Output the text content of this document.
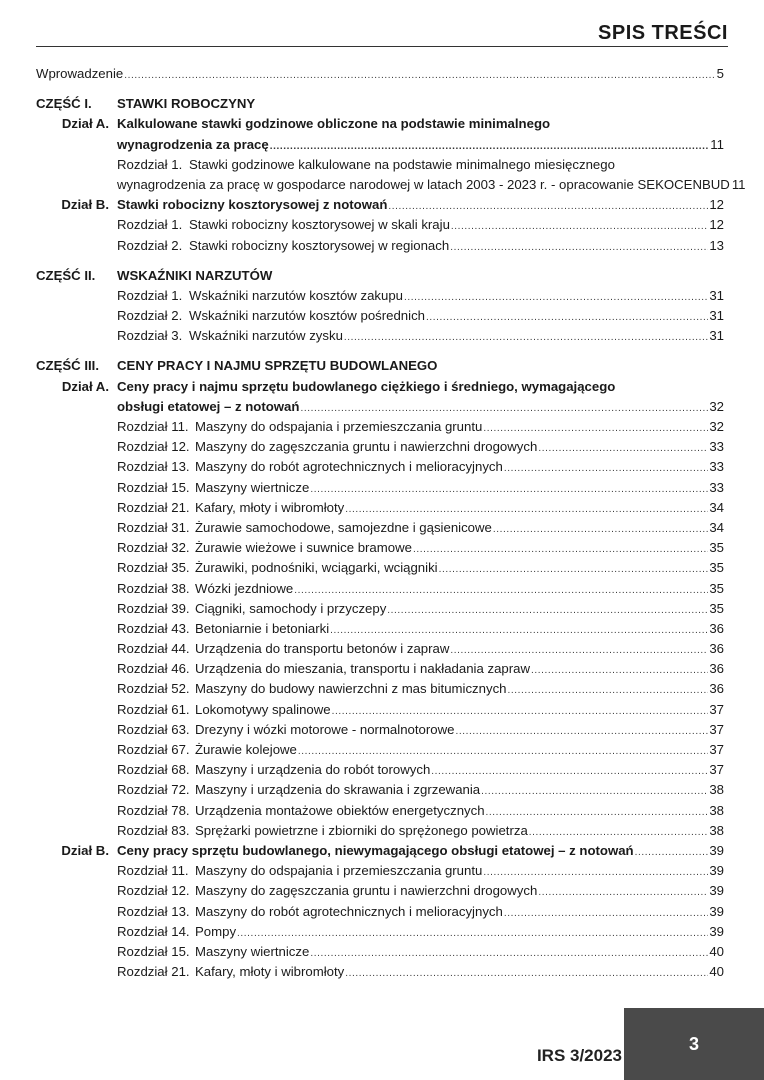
SPIS TREŚCI
Wprowadzenie .....	5
CZĘŚĆ I. STAWKI ROBOCZYNY
Dział A. Kalkulowane stawki godzinowe obliczone na podstawie minimalnego
wynagrodzenia za pracę .....	11
Rozdział 1. Stawki godzinowe kalkulowane na podstawie minimalnego miesięcznego
wynagrodzenia za pracę w gospodarce narodowej w latach 2003 - 2023 r. - opracowanie SEKOCENBUD 11
Dział B. Stawki robocizny kosztorysowej z notowań .....	12
Rozdział 1. Stawki robocizny kosztorysowej w skali kraju .....	12
Rozdział 2. Stawki robocizny kosztorysowej w regionach .....	13
CZĘŚĆ II. WSKAŹNIKI NARZUTÓW
Rozdział 1. Wskaźniki narzutów kosztów zakupu .....	31
Rozdział 2. Wskaźniki narzutów kosztów pośrednich .....	31
Rozdział 3. Wskaźniki narzutów zysku .....	31
CZĘŚĆ III. CENY PRACY I NAJMU SPRZĘTU BUDOWLANEGO
Dział A. Ceny pracy i najmu sprzętu budowlanego ciężkiego i średniego, wymagającego
obsługi etatowej – z notowań .....	32
Rozdział 11. Maszyny do odspajania i przemieszczania gruntu .....	32
Rozdział 12. Maszyny do zagęszczania gruntu i nawierzchni drogowych .....	33
Rozdział 13. Maszyny do robót agrotechnicznych i melioracyjnych .....	33
Rozdział 15. Maszyny wiertnicze .....	33
Rozdział 21. Kafary, młoty i wibromłoty .....	34
Rozdział 31. Żurawie samochodowe, samojezdne i gąsienicowe .....	34
Rozdział 32. Żurawie wieżowe i suwnice bramowe .....	35
Rozdział 35. Żurawiki, podnośniki, wciągarki, wciągniki .....	35
Rozdział 38. Wózki jezdniowe .....	35
Rozdział 39. Ciągniki, samochody i przyczepy .....	35
Rozdział 43. Betoniarnie i betoniarki .....	36
Rozdział 44. Urządzenia do transportu betonów i zapraw .....	36
Rozdział 46. Urządzenia do mieszania, transportu i nakładania zapraw .....	36
Rozdział 52. Maszyny do budowy nawierzchni z mas bitumicznych .....	36
Rozdział 61. Lokomotywy spalinowe .....	37
Rozdział 63. Drezyny i wózki motorowe - normalnotorowe .....	37
Rozdział 67. Żurawie kolejowe .....	37
Rozdział 68. Maszyny i urządzenia do robót torowych .....	37
Rozdział 72. Maszyny i urządzenia do skrawania i zgrzewania .....	38
Rozdział 78. Urządzenia montażowe obiektów energetycznych .....	38
Rozdział 83. Sprężarki powietrzne i zbiorniki do sprężonego powietrza .....	38
Dział B. Ceny pracy sprzętu budowlanego, niewymagającego obsługi etatowej – z notowań .....	39
Rozdział 11. Maszyny do odspajania i przemieszczania gruntu .....	39
Rozdział 12. Maszyny do zagęszczania gruntu i nawierzchni drogowych .....	39
Rozdział 13. Maszyny do robót agrotechnicznych i melioracyjnych .....	39
Rozdział 14. Pompy .....	39
Rozdział 15. Maszyny wiertnicze .....	40
Rozdział 21. Kafary, młoty i wibromłoty .....	40
IRS 3/2023
3
